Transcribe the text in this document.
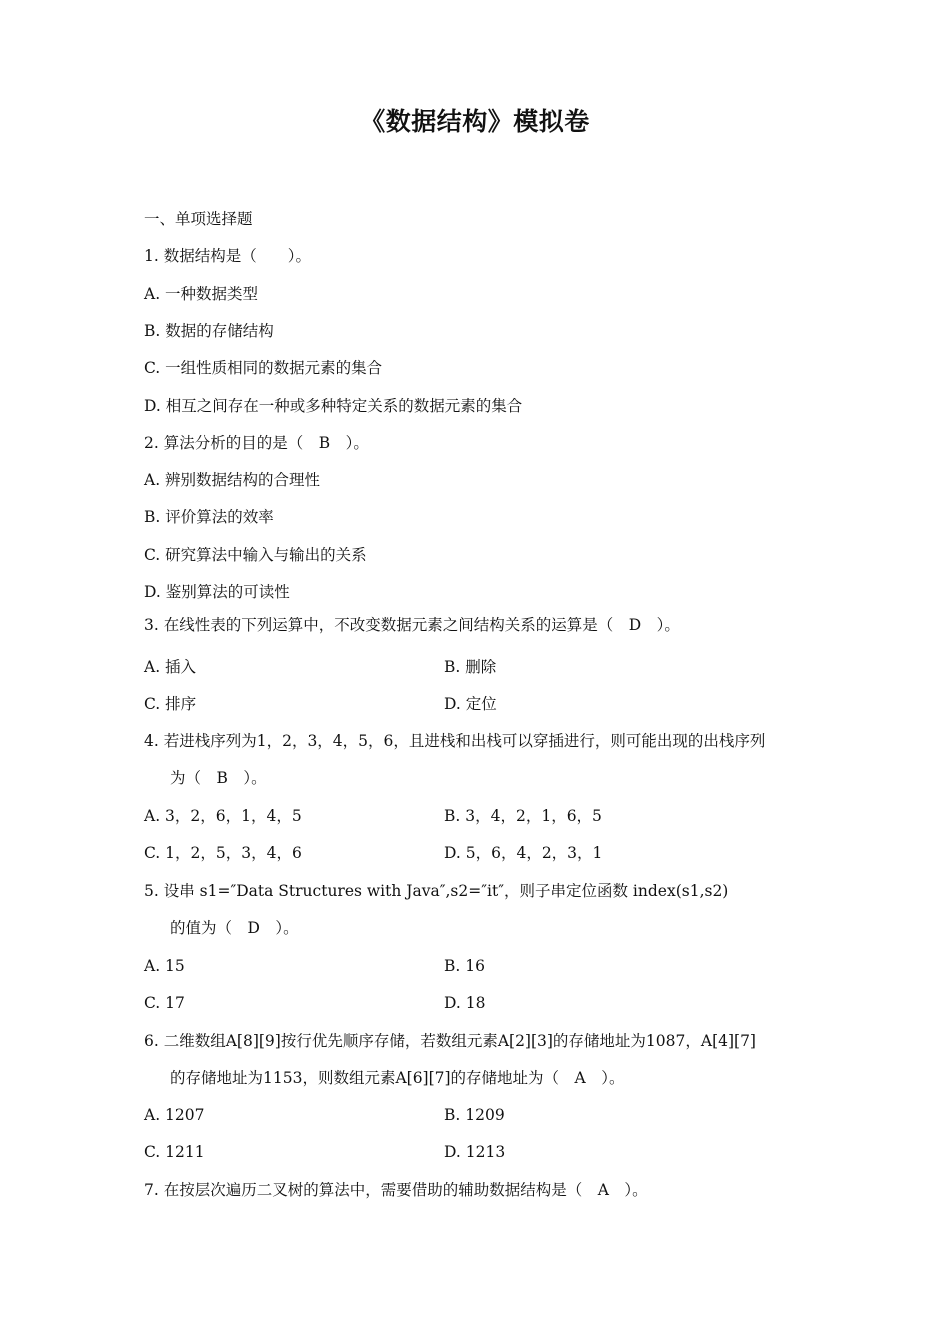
《数据结构》模拟卷
一、单项选择题
1. 数据结构是（　　）。
A. 一种数据类型
B. 数据的存储结构
C. 一组性质相同的数据元素的集合
D. 相互之间存在一种或多种特定关系的数据元素的集合
2. 算法分析的目的是（　B　）。
A. 辨别数据结构的合理性
B. 评价算法的效率
C. 研究算法中输入与输出的关系
D. 鉴别算法的可读性
3. 在线性表的下列运算中，不改变数据元素之间结构关系的运算是（　D　）。
A. 插入	B. 删除
C. 排序	D. 定位
4. 若进栈序列为1，2，3，4，5，6，且进栈和出栈可以穿插进行，则可能出现的出栈序列
为（　B　）。
A. 3，2，6，1，4，5	B. 3，4，2，1，6，5
C. 1，2，5，3，4，6	D. 5，6，4，2，3，1
5. 设串 s1=″Data Structures with Java″,s2=″it″，则子串定位函数 index(s1,s2)
的值为（　D　）。
A. 15	B. 16
C. 17	D. 18
6. 二维数组A[8][9]按行优先顺序存储，若数组元素A[2][3]的存储地址为1087，A[4][7]
的存储地址为1153，则数组元素A[6][7]的存储地址为（　A　）。
A. 1207	B. 1209
C. 1211	D. 1213
7. 在按层次遍历二叉树的算法中，需要借助的辅助数据结构是（　A　）。
